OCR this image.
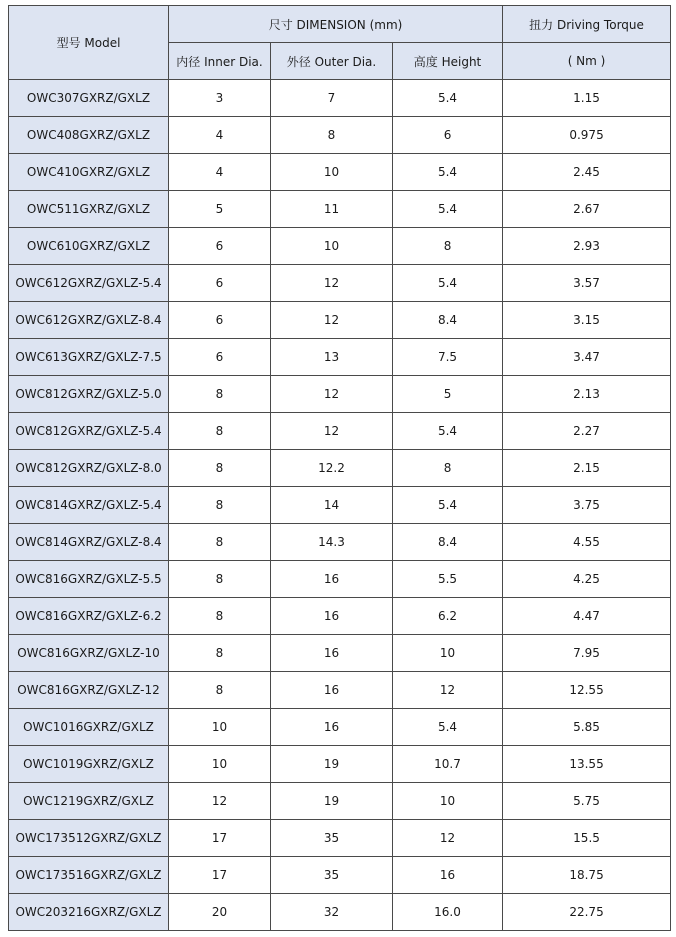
型号 Model	尺寸 DIMENSION (mm)			扭力 Driving Torque
	内径 Inner Dia.	外径 Outer Dia.	高度 Height	( Nm )
OWC307GXRZ/GXLZ	3	7	5.4	1.15
OWC408GXRZ/GXLZ	4	8	6	0.975
OWC410GXRZ/GXLZ	4	10	5.4	2.45
OWC511GXRZ/GXLZ	5	11	5.4	2.67
OWC610GXRZ/GXLZ	6	10	8	2.93
OWC612GXRZ/GXLZ-5.4	6	12	5.4	3.57
OWC612GXRZ/GXLZ-8.4	6	12	8.4	3.15
OWC613GXRZ/GXLZ-7.5	6	13	7.5	3.47
OWC812GXRZ/GXLZ-5.0	8	12	5	2.13
OWC812GXRZ/GXLZ-5.4	8	12	5.4	2.27
OWC812GXRZ/GXLZ-8.0	8	12.2	8	2.15
OWC814GXRZ/GXLZ-5.4	8	14	5.4	3.75
OWC814GXRZ/GXLZ-8.4	8	14.3	8.4	4.55
OWC816GXRZ/GXLZ-5.5	8	16	5.5	4.25
OWC816GXRZ/GXLZ-6.2	8	16	6.2	4.47
OWC816GXRZ/GXLZ-10	8	16	10	7.95
OWC816GXRZ/GXLZ-12	8	16	12	12.55
OWC1016GXRZ/GXLZ	10	16	5.4	5.85
OWC1019GXRZ/GXLZ	10	19	10.7	13.55
OWC1219GXRZ/GXLZ	12	19	10	5.75
OWC173512GXRZ/GXLZ	17	35	12	15.5
OWC173516GXRZ/GXLZ	17	35	16	18.75
OWC203216GXRZ/GXLZ	20	32	16.0	22.75
